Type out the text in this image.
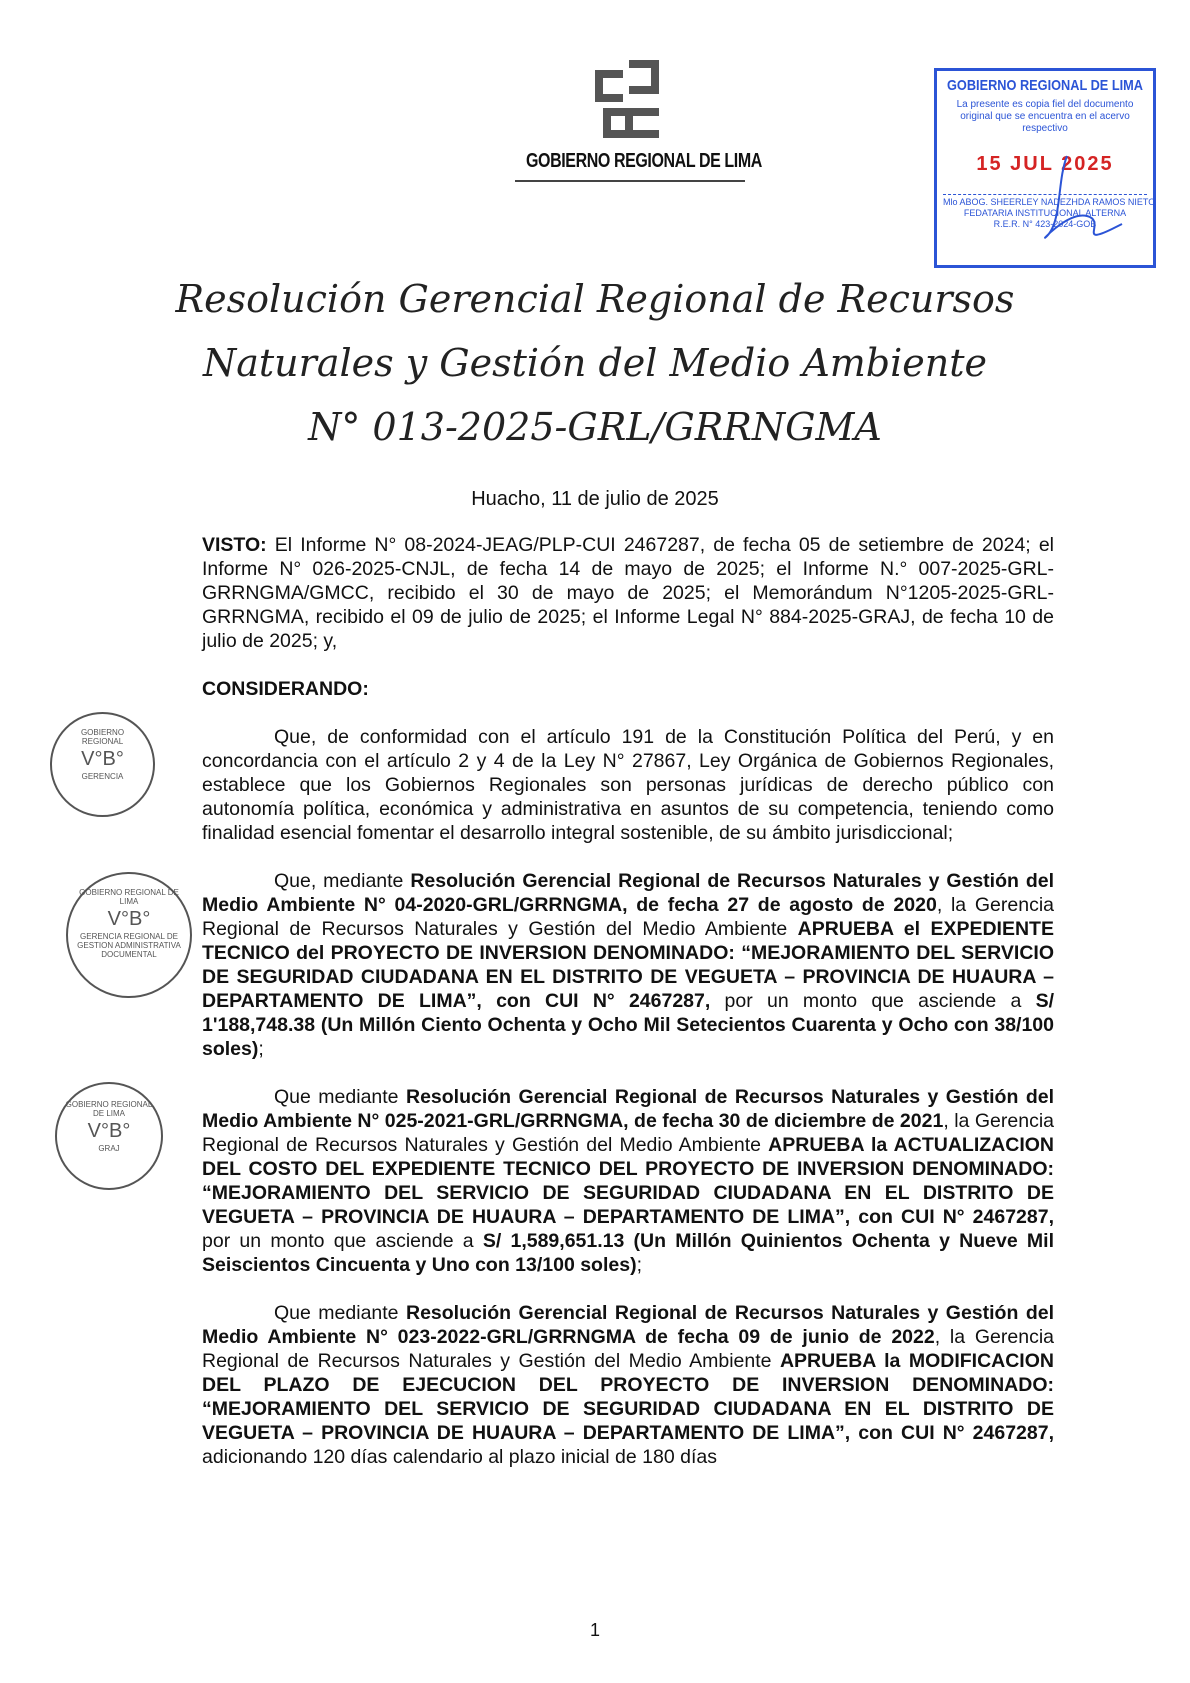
GOBIERNO REGIONAL DE LIMA
GOBIERNO REGIONAL DE LIMA
La presente es copia fiel del documento original que se encuentra en el acervo respectivo
15 JUL 2025
Mlo ABOG. SHEERLEY NADEZHDA RAMOS NIETO
FEDATARIA INSTITUCIONAL ALTERNA
R.E.R. N° 423-2024-GOB
Resolución Gerencial Regional de Recursos
Naturales y Gestión del Medio Ambiente
N° 013-2025-GRL/GRRNGMA
Huacho, 11 de julio de 2025
GOBIERNO REGIONAL
V°B°
GERENCIA
GOBIERNO REGIONAL DE LIMA
V°B°
GERENCIA REGIONAL DE GESTION ADMINISTRATIVA DOCUMENTAL
GOBIERNO REGIONAL DE LIMA
V°B°
GRAJ

VISTO: El Informe N° 08-2024-JEAG/PLP-CUI 2467287, de fecha 05 de setiembre de 2024; el Informe N° 026-2025-CNJL, de fecha 14 de mayo de 2025; el Informe N.° 007-2025-GRL-GRRNGMA/GMCC, recibido el 30 de mayo de 2025; el Memorándum N°1205-2025-GRL-GRRNGMA, recibido el 09 de julio de 2025; el Informe Legal N° 884-2025-GRAJ, de fecha 10 de julio de 2025; y,

CONSIDERANDO:

Que, de conformidad con el artículo 191 de la Constitución Política del Perú, y en concordancia con el artículo 2 y 4 de la Ley N° 27867, Ley Orgánica de Gobiernos Regionales, establece que los Gobiernos Regionales son personas jurídicas de derecho público con autonomía política, económica y administrativa en asuntos de su competencia, teniendo como finalidad esencial fomentar el desarrollo integral sostenible, de su ámbito jurisdiccional;

Que, mediante Resolución Gerencial Regional de Recursos Naturales y Gestión del Medio Ambiente N° 04-2020-GRL/GRRNGMA, de fecha 27 de agosto de 2020, la Gerencia Regional de Recursos Naturales y Gestión del Medio Ambiente APRUEBA el EXPEDIENTE TECNICO del PROYECTO DE INVERSION DENOMINADO: “MEJORAMIENTO DEL SERVICIO DE SEGURIDAD CIUDADANA EN EL DISTRITO DE VEGUETA – PROVINCIA DE HUAURA – DEPARTAMENTO DE LIMA”, con CUI N° 2467287, por un monto que asciende a S/ 1'188,748.38 (Un Millón Ciento Ochenta y Ocho Mil Setecientos Cuarenta y Ocho con 38/100 soles);

Que mediante Resolución Gerencial Regional de Recursos Naturales y Gestión del Medio Ambiente N° 025-2021-GRL/GRRNGMA, de fecha 30 de diciembre de 2021, la Gerencia Regional de Recursos Naturales y Gestión del Medio Ambiente APRUEBA la ACTUALIZACION DEL COSTO DEL EXPEDIENTE TECNICO DEL PROYECTO DE INVERSION DENOMINADO: “MEJORAMIENTO DEL SERVICIO DE SEGURIDAD CIUDADANA EN EL DISTRITO DE VEGUETA – PROVINCIA DE HUAURA – DEPARTAMENTO DE LIMA”, con CUI N° 2467287, por un monto que asciende a S/ 1,589,651.13 (Un Millón Quinientos Ochenta y Nueve Mil Seiscientos Cincuenta y Uno con 13/100 soles);

Que mediante Resolución Gerencial Regional de Recursos Naturales y Gestión del Medio Ambiente N° 023-2022-GRL/GRRNGMA de fecha 09 de junio de 2022, la Gerencia Regional de Recursos Naturales y Gestión del Medio Ambiente APRUEBA la MODIFICACION DEL PLAZO DE EJECUCION DEL PROYECTO DE INVERSION DENOMINADO: “MEJORAMIENTO DEL SERVICIO DE SEGURIDAD CIUDADANA EN EL DISTRITO DE VEGUETA – PROVINCIA DE HUAURA – DEPARTAMENTO DE LIMA”, con CUI N° 2467287, adicionando 120 días calendario al plazo inicial de 180 días

1
